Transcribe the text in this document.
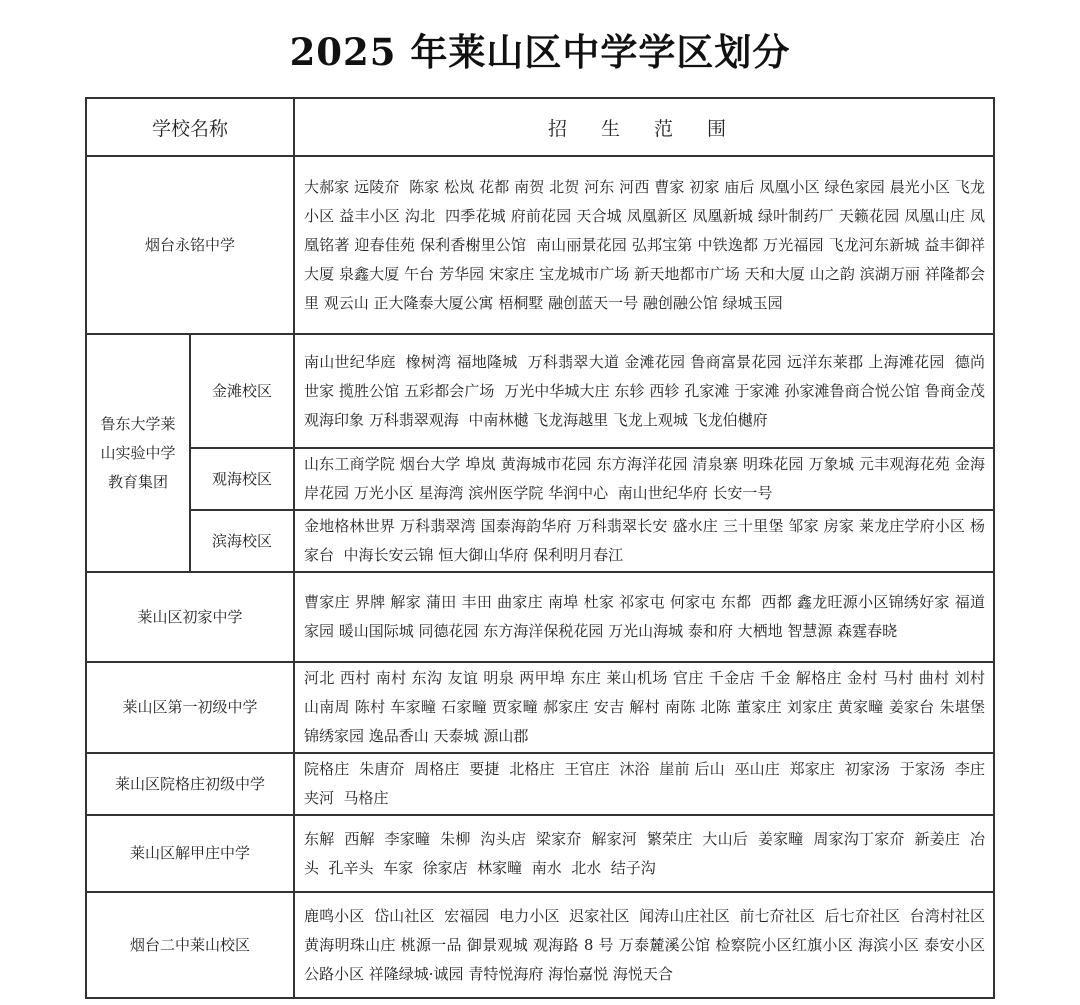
2025 年莱山区中学学区划分
学校名称		招 生 范 围
烟台永铭中学		大郝家 远陵夼  陈家 松岚 花都 南贺 北贺 河东 河西 曹家 初家 庙后 凤凰小区 绿色家园 晨光小区 飞龙小区 益丰小区 沟北  四季花城 府前花园 天合城 凤凰新区 凤凰新城 绿叶制药厂 天籁花园 凤凰山庄 凤凰铭著 迎春佳苑 保利香榭里公馆  南山丽景花园 弘邦宝第 中铁逸都 万光福园 飞龙河东新城 益丰御祥大厦 泉鑫大厦 午台 芳华园 宋家庄 宝龙城市广场 新天地都市广场 天和大厦 山之韵 滨湖万丽 祥隆都会里 观云山 正大隆泰大厦公寓 梧桐墅 融创蓝天一号 融创融公馆 绿城玉园
鲁东大学莱山实验中学教育集团	金滩校区	南山世纪华庭  橡树湾 福地隆城  万科翡翠大道 金滩花园 鲁商富景花园 远洋东莱郡 上海滩花园  德尚世家 揽胜公馆 五彩都会广场  万光中华城大庄 东轸 西轸 孔家滩 于家滩 孙家滩鲁商合悦公馆 鲁商金茂观海印象 万科翡翠观海  中南林樾 飞龙海越里 飞龙上观城 飞龙伯樾府
	观海校区	山东工商学院 烟台大学 埠岚 黄海城市花园 东方海洋花园 清泉寨 明珠花园 万象城 元丰观海花苑 金海岸花园 万光小区 星海湾 滨州医学院 华润中心  南山世纪华府 长安一号
	滨海校区	金地格林世界 万科翡翠湾 国泰海韵华府 万科翡翠长安 盛水庄 三十里堡 邹家 房家 莱龙庄学府小区 杨家台  中海长安云锦 恒大御山华府 保利明月春江
莱山区初家中学		曹家庄 界牌 解家 蒲田 丰田 曲家庄 南埠 杜家 祁家屯 何家屯 东都  西都 鑫龙旺源小区锦绣好家 福道家园 暖山国际城 同德花园 东方海洋保税花园 万光山海城 泰和府 大栖地 智慧源 森霆春晓
莱山区第一初级中学		河北 西村 南村 东沟 友谊 明泉 两甲埠 东庄 莱山机场 官庄 千金店 千金 解格庄 金村 马村 曲村 刘村 山南周 陈村 车家疃 石家疃 贾家疃 郝家庄 安吉 解村 南陈 北陈 董家庄 刘家庄 黄家疃 姜家台 朱堪堡 锦绣家园 逸品香山 天泰城 源山郡
莱山区院格庄初级中学		院格庄  朱唐夼  周格庄  要捷  北格庄  王官庄  沐浴  崖前 后山  巫山庄  郑家庄  初家汤  于家汤  李庄  夹河  马格庄
莱山区解甲庄中学		东解  西解  李家疃  朱柳  沟头店  梁家夼  解家河  繁荣庄  大山后  姜家疃  周家沟丁家夼  新姜庄  冶头  孔辛头  车家  徐家店  林家疃  南水  北水  结子沟
烟台二中莱山校区		鹿鸣小区  岱山社区  宏福园  电力小区  迟家社区  闻涛山庄社区  前七夼社区  后七夼社区  台湾村社区  黄海明珠山庄 桃源一品 御景观城 观海路 8 号 万泰麓溪公馆 检察院小区红旗小区 海滨小区 泰安小区 公路小区 祥隆绿城·诚园 青特悦海府 海怡嘉悦 海悦天合
